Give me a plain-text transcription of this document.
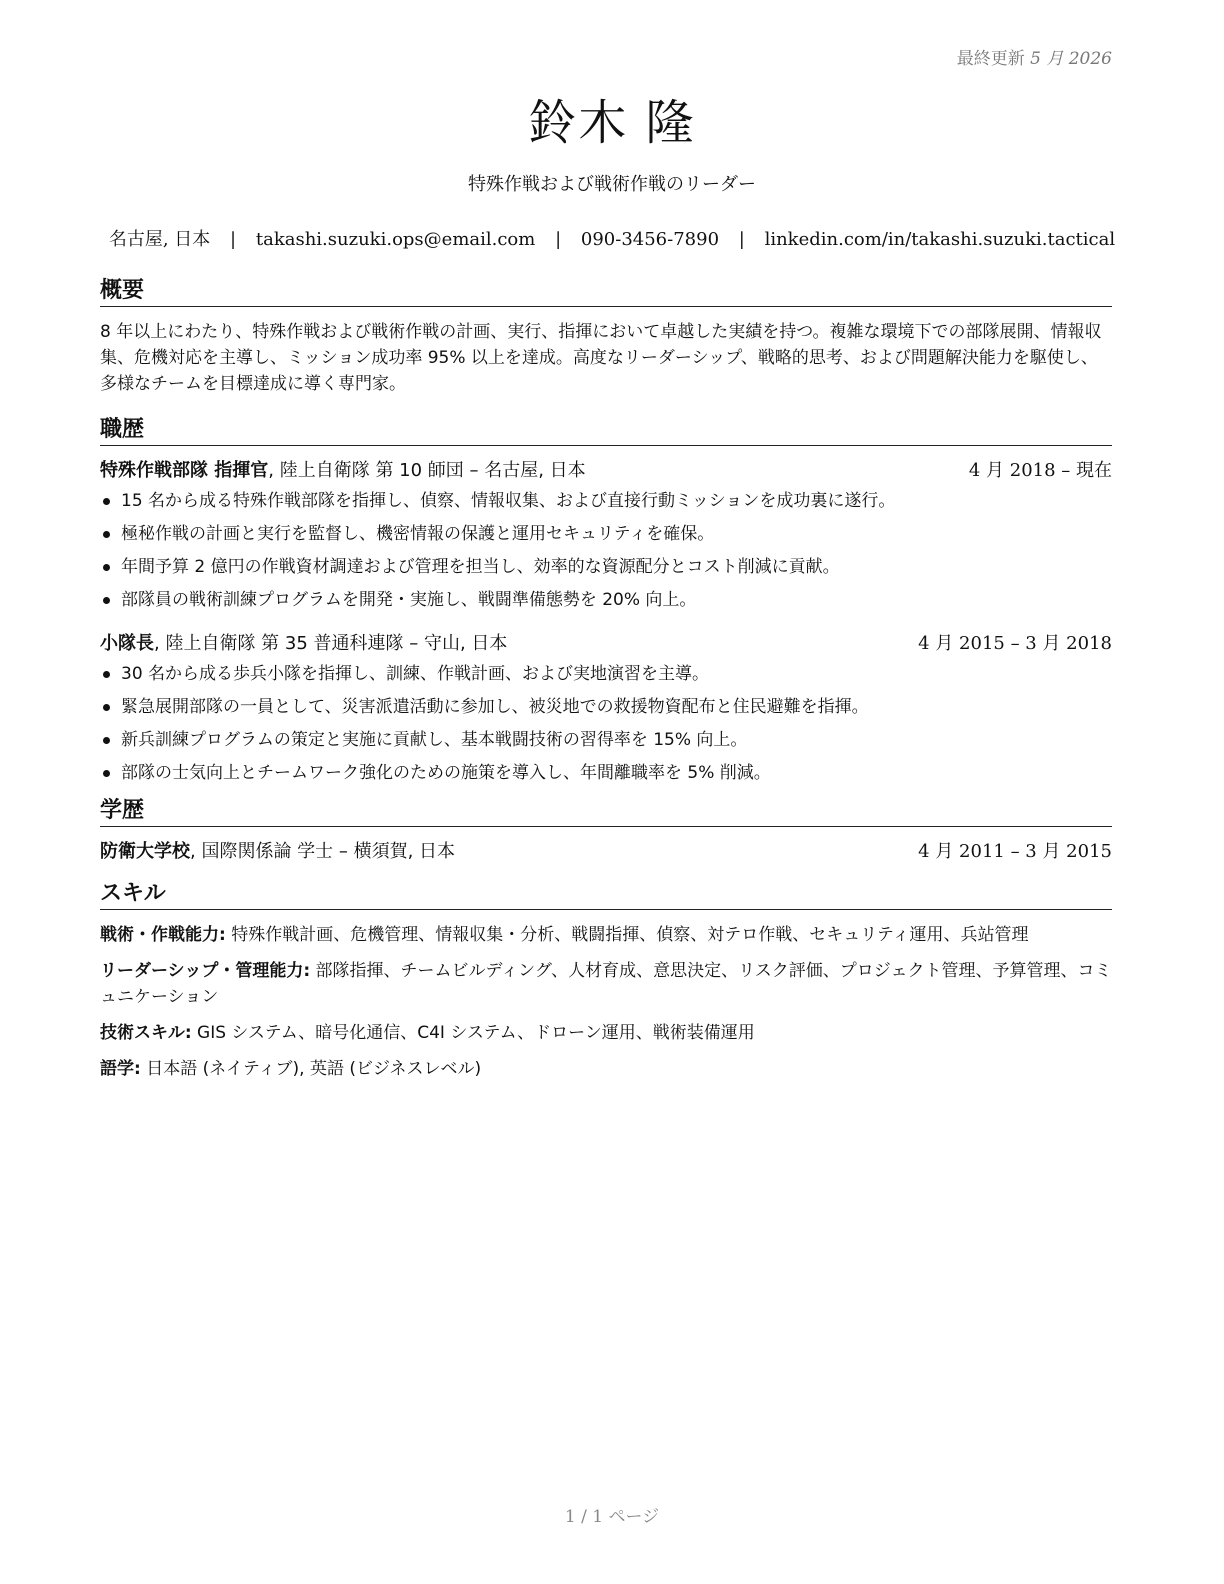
最終更新 5 月 2026
鈴木 隆
特殊作戦および戦術作戦のリーダー
名古屋, 日本 | takashi.suzuki.ops@email.com | 090-3456-7890 | linkedin.com/in/takashi.suzuki.tactical
概要

8 年以上にわたり、特殊作戦および戦術作戦の計画、実行、指揮において卓越した実績を持つ。複雑な環境下での部隊展開、情報収集、危機対応を主導し、ミッション成功率 95% 以上を達成。高度なリーダーシップ、戦略的思考、および問題解決能力を駆使し、多様なチームを目標達成に導く専門家。

職歴
特殊作戦部隊 指揮官, 陸上自衛隊 第 10 師団 – 名古屋, 日本	4 月 2018 – 現在
15 名から成る特殊作戦部隊を指揮し、偵察、情報収集、および直接行動ミッションを成功裏に遂行。
極秘作戦の計画と実行を監督し、機密情報の保護と運用セキュリティを確保。
年間予算 2 億円の作戦資材調達および管理を担当し、効率的な資源配分とコスト削減に貢献。
部隊員の戦術訓練プログラムを開発・実施し、戦闘準備態勢を 20% 向上。
小隊長, 陸上自衛隊 第 35 普通科連隊 – 守山, 日本	4 月 2015 – 3 月 2018
30 名から成る歩兵小隊を指揮し、訓練、作戦計画、および実地演習を主導。
緊急展開部隊の一員として、災害派遣活動に参加し、被災地での救援物資配布と住民避難を指揮。
新兵訓練プログラムの策定と実施に貢献し、基本戦闘技術の習得率を 15% 向上。
部隊の士気向上とチームワーク強化のための施策を導入し、年間離職率を 5% 削減。
学歴
防衛大学校, 国際関係論 学士 – 横須賀, 日本	4 月 2011 – 3 月 2015
スキル
戦術・作戦能力: 特殊作戦計画、危機管理、情報収集・分析、戦闘指揮、偵察、対テロ作戦、セキュリティ運用、兵站管理
リーダーシップ・管理能力: 部隊指揮、チームビルディング、人材育成、意思決定、リスク評価、プロジェクト管理、予算管理、コミュニケーション
技術スキル: GIS システム、暗号化通信、C4I システム、ドローン運用、戦術装備運用
語学: 日本語 (ネイティブ), 英語 (ビジネスレベル)
1 / 1 ページ
